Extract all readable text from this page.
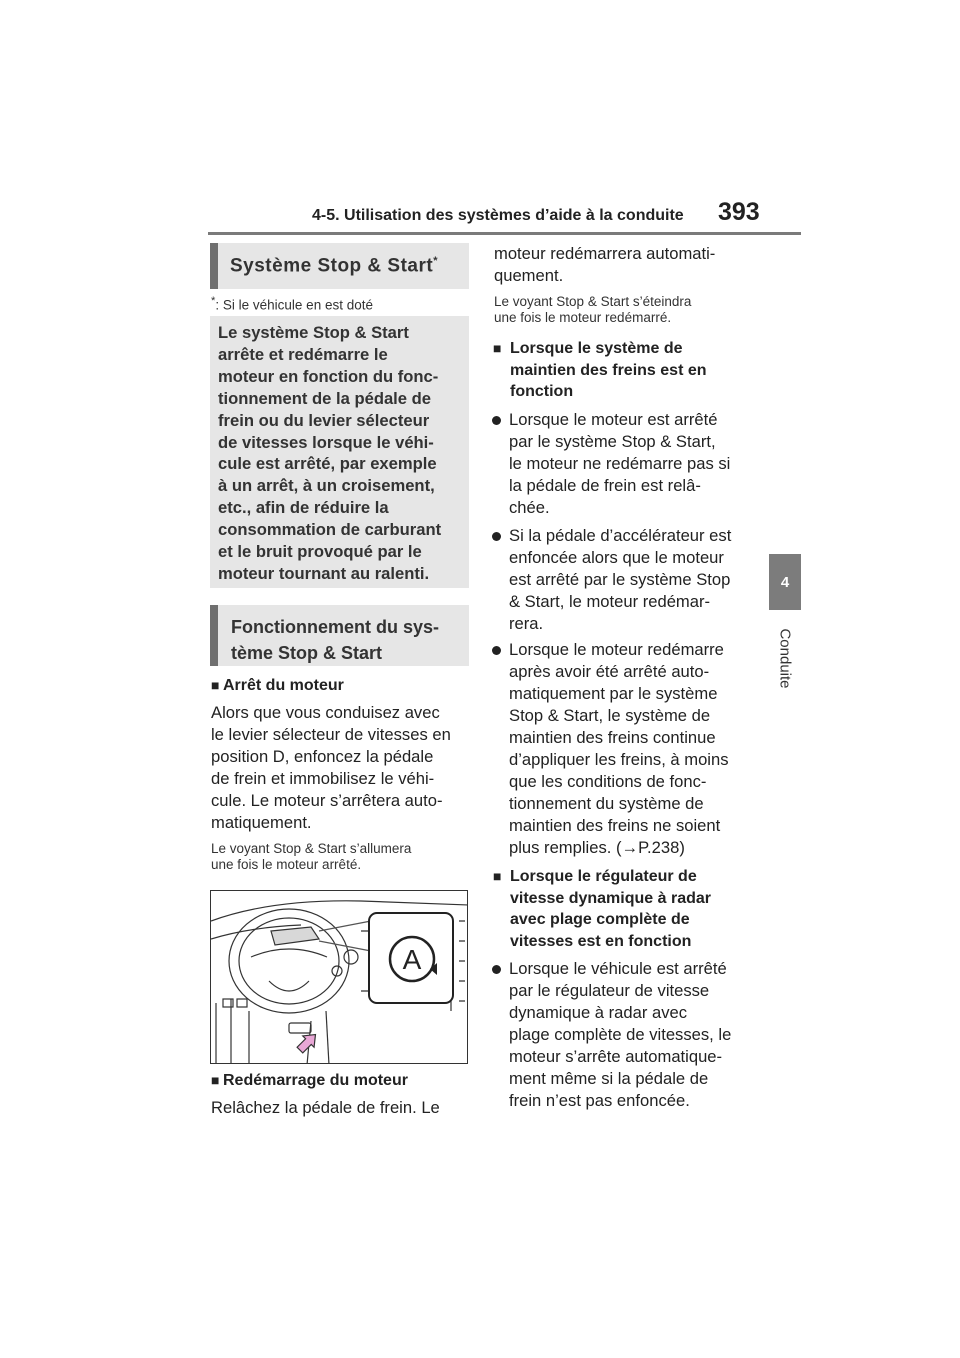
4-5. Utilisation des systèmes d’aide à la conduite 393
4
Conduite
Système Stop & Start*
*: Si le véhicule en est doté
Le système Stop & Start
arrête et redémarre le
moteur en fonction du fonc-
tionnement de la pédale de
frein ou du levier sélecteur
de vitesses lorsque le véhi-
cule est arrêté, par exemple
à un arrêt, à un croisement,
etc., afin de réduire la
consommation de carburant
et le bruit provoqué par le
moteur tournant au ralenti.
Fonctionnement du sys-
tème Stop & Start
■ Arrêt du moteur
Alors que vous conduisez avec
le levier sélecteur de vitesses en
position D, enfoncez la pédale
de frein et immobilisez le véhi-
cule. Le moteur s’arrêtera auto-
matiquement.
Le voyant Stop & Start s’allumera
une fois le moteur arrêté.
A
■ Redémarrage du moteur
Relâchez la pédale de frein. Le
moteur redémarrera automati-
quement.
Le voyant Stop & Start s’éteindra
une fois le moteur redémarré.
■ Lorsque le système de
maintien des freins est en
fonction
Lorsque le moteur est arrêté
par le système Stop & Start,
le moteur ne redémarre pas si
la pédale de frein est relâ-
chée.
Si la pédale d’accélérateur est
enfoncée alors que le moteur
est arrêté par le système Stop
& Start, le moteur redémar-
rera.
Lorsque le moteur redémarre
après avoir été arrêté auto-
matiquement par le système
Stop & Start, le système de
maintien des freins continue
d’appliquer les freins, à moins
que les conditions de fonc-
tionnement du système de
maintien des freins ne soient
plus remplies. (→P.238)
■ Lorsque le régulateur de
vitesse dynamique à radar
avec plage complète de
vitesses est en fonction
Lorsque le véhicule est arrêté
par le régulateur de vitesse
dynamique à radar avec
plage complète de vitesses, le
moteur s’arrête automatique-
ment même si la pédale de
frein n’est pas enfoncée.
